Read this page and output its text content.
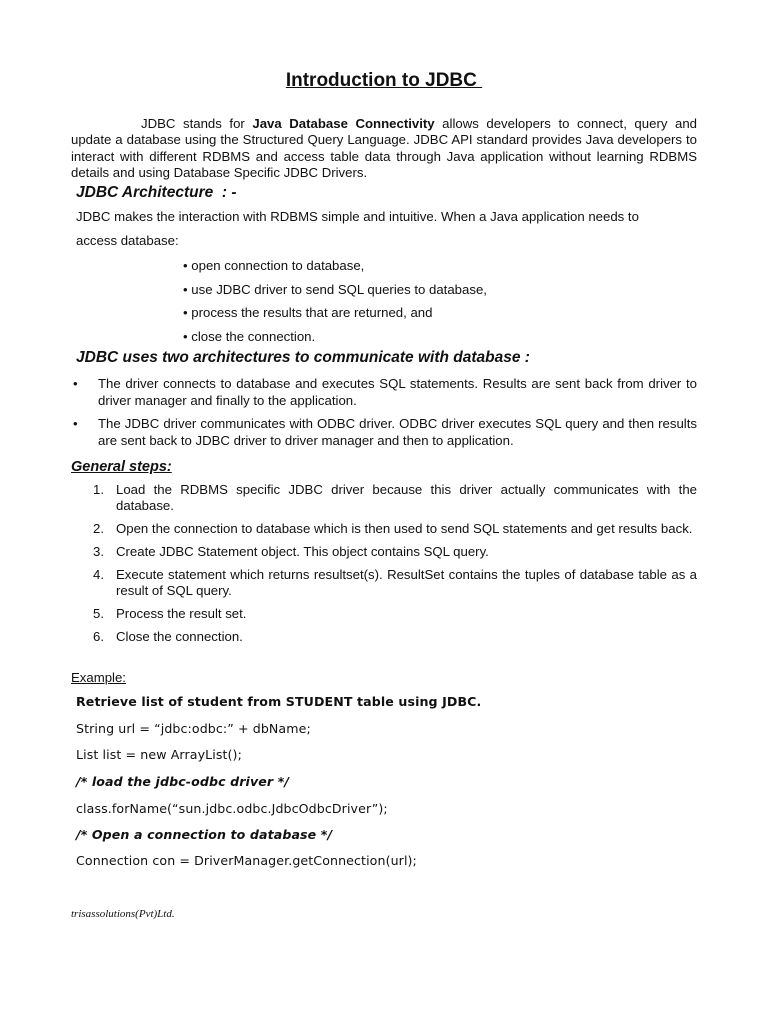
Introduction to JDBC
JDBC stands for Java Database Connectivity allows developers to connect, query and update a database using the Structured Query Language. JDBC API standard provides Java developers to interact with different RDBMS and access table data through Java application without learning RDBMS details and using Database Specific JDBC Drivers.
JDBC Architecture  : -
JDBC makes the interaction with RDBMS simple and intuitive. When a Java application needs to
access database:
• open connection to database,
• use JDBC driver to send SQL queries to database,
• process the results that are returned, and
• close the connection.
JDBC uses two architectures to communicate with database :
• The driver connects to database and executes SQL statements. Results are sent back from driver to driver manager and finally to the application.
• The JDBC driver communicates with ODBC driver. ODBC driver executes SQL query and then results are sent back to JDBC driver to driver manager and then to application.
General steps:
1. Load the RDBMS specific JDBC driver because this driver actually communicates with the database.
2. Open the connection to database which is then used to send SQL statements and get results back.
3. Create JDBC Statement object. This object contains SQL query.
4. Execute statement which returns resultset(s). ResultSet contains the tuples of database table as a result of SQL query.
5. Process the result set.
6. Close the connection.
Example:
Retrieve list of student from STUDENT table using JDBC.
String url = “jdbc:odbc:” + dbName;
List list = new ArrayList();
/* load the jdbc-odbc driver */
class.forName(“sun.jdbc.odbc.JdbcOdbcDriver”);
/* Open a connection to database */
Connection con = DriverManager.getConnection(url);
trisassolutions(Pvt)Ltd.
